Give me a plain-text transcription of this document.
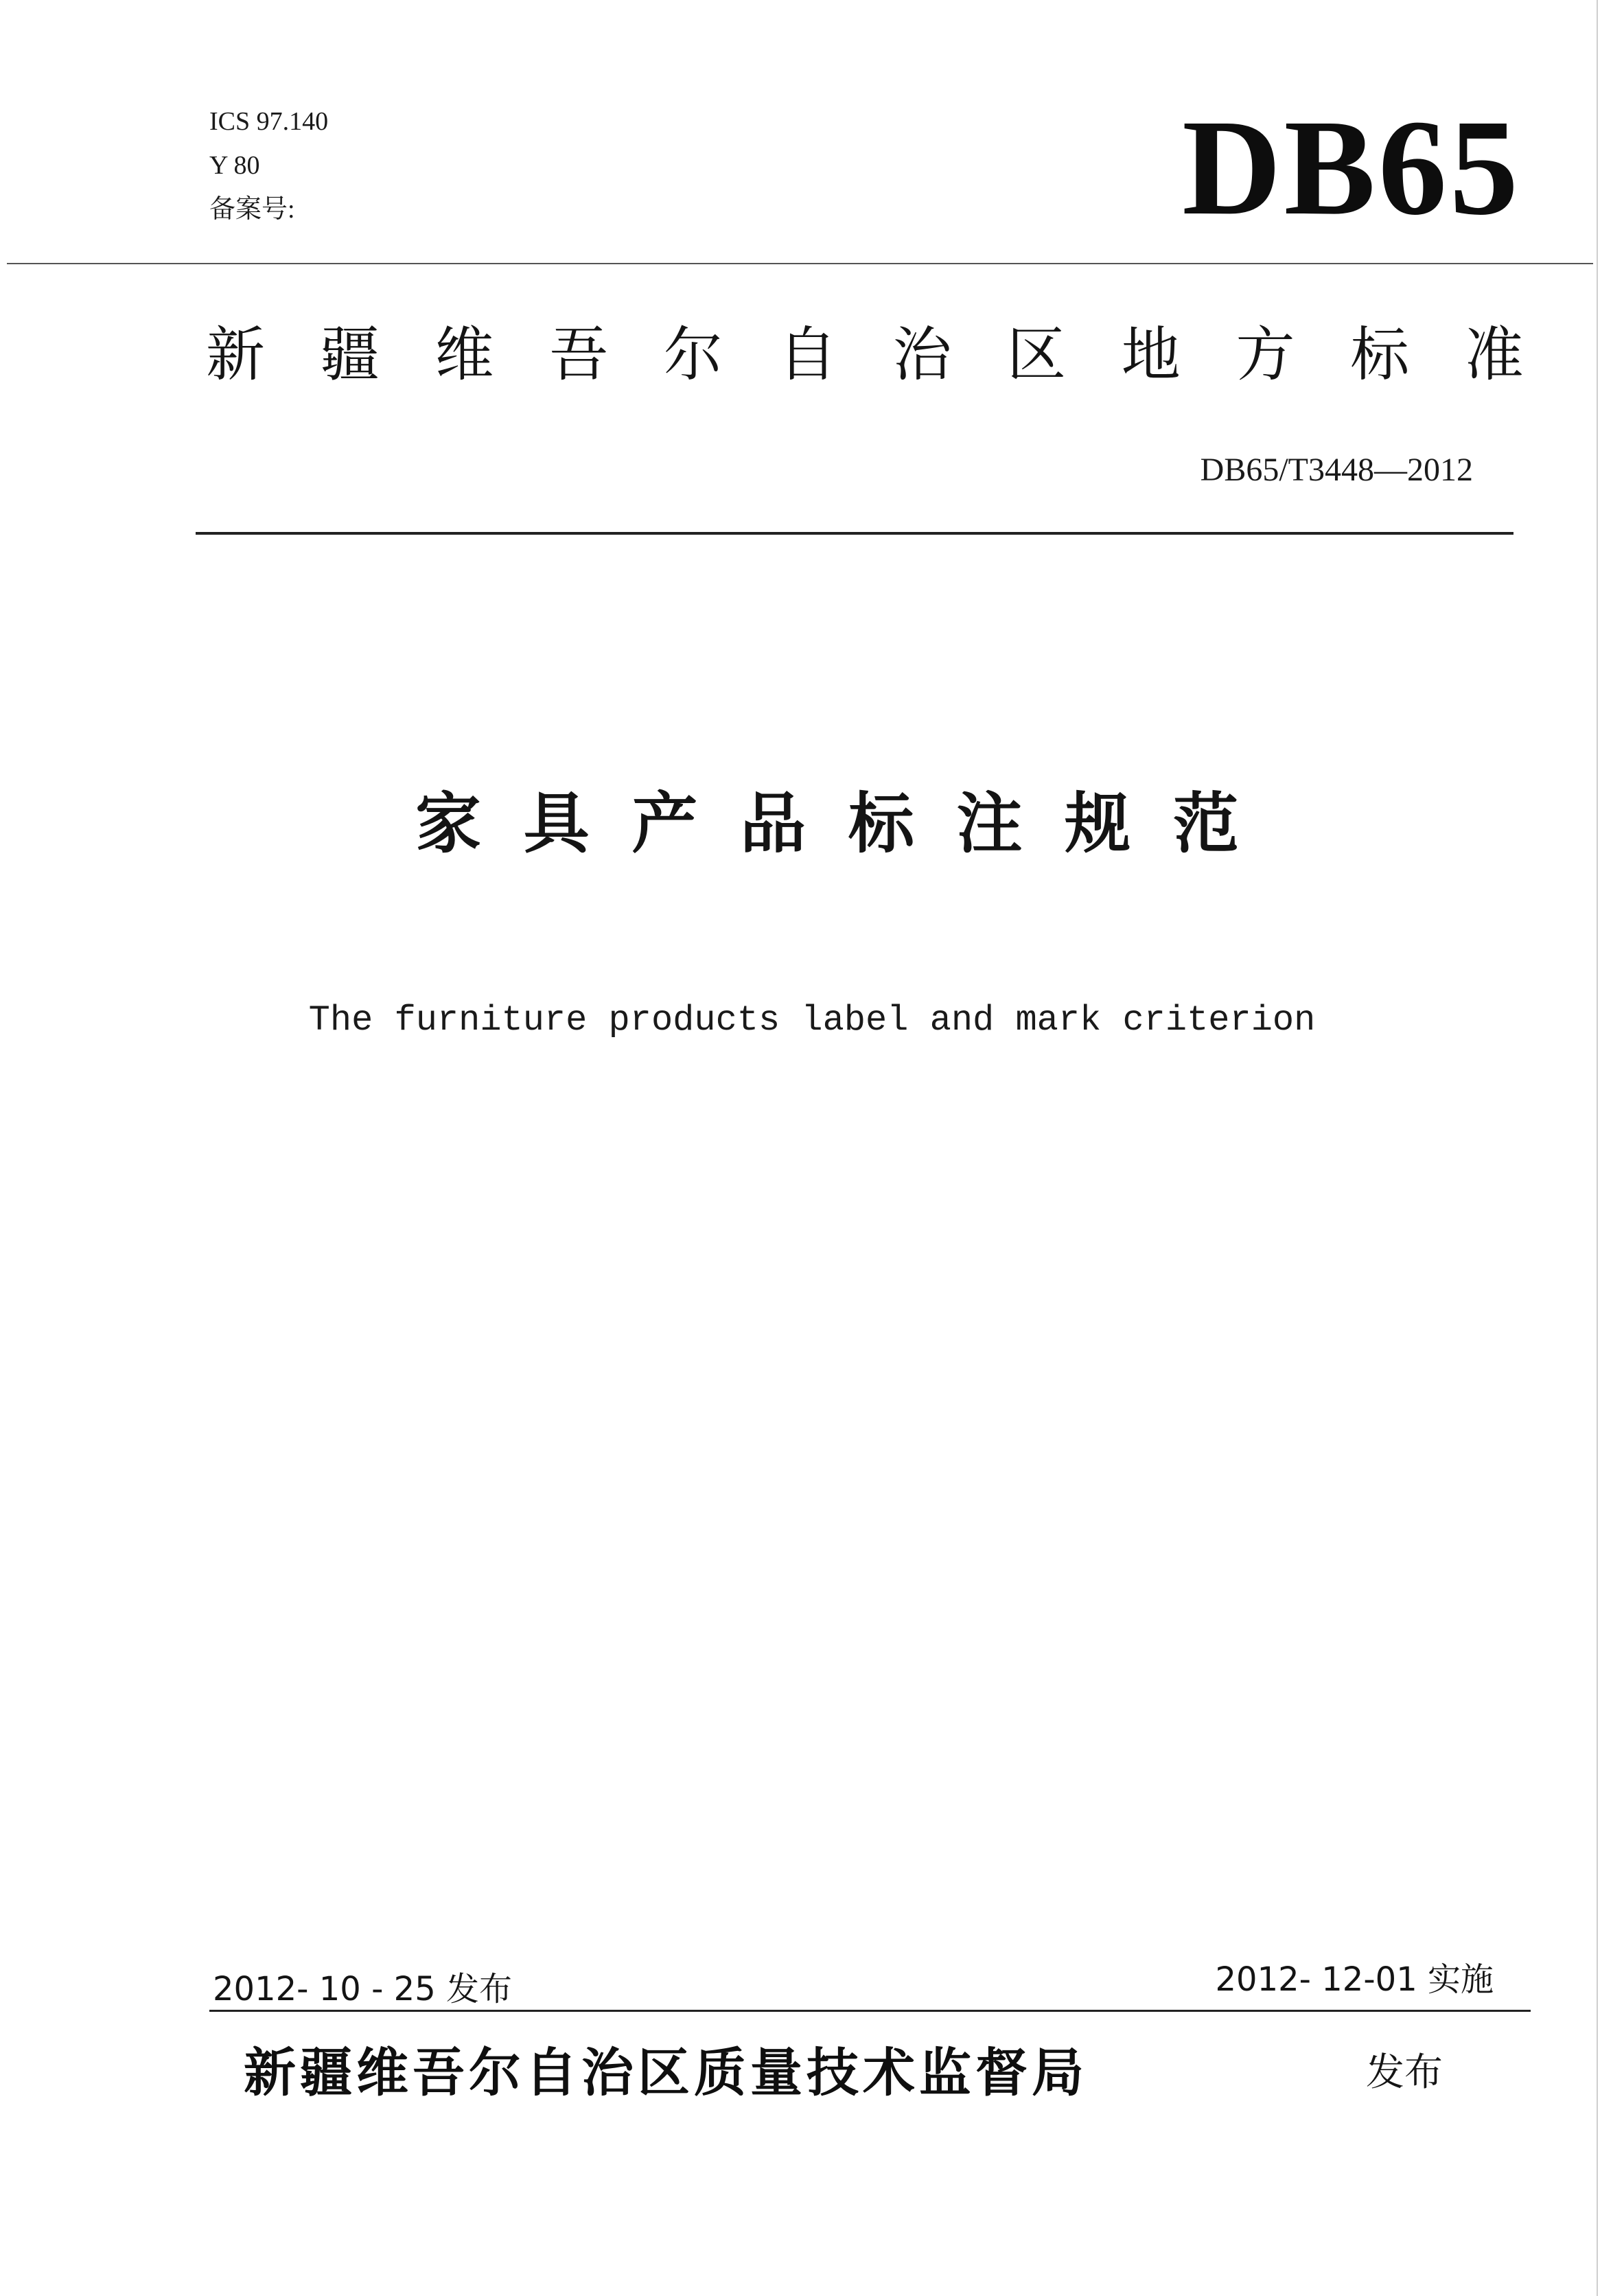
ICS 97.140
Y 80
备案号:	DB65
新 疆 维 吾 尔 自 治 区 地 方 标 准
DB65/T3448—2012
家 具 产 品 标 注 规 范
The furniture products label and mark criterion
2012- 10 - 25 发布	2012- 12-01 实施
新疆维吾尔自治区质量技术监督局	发布
